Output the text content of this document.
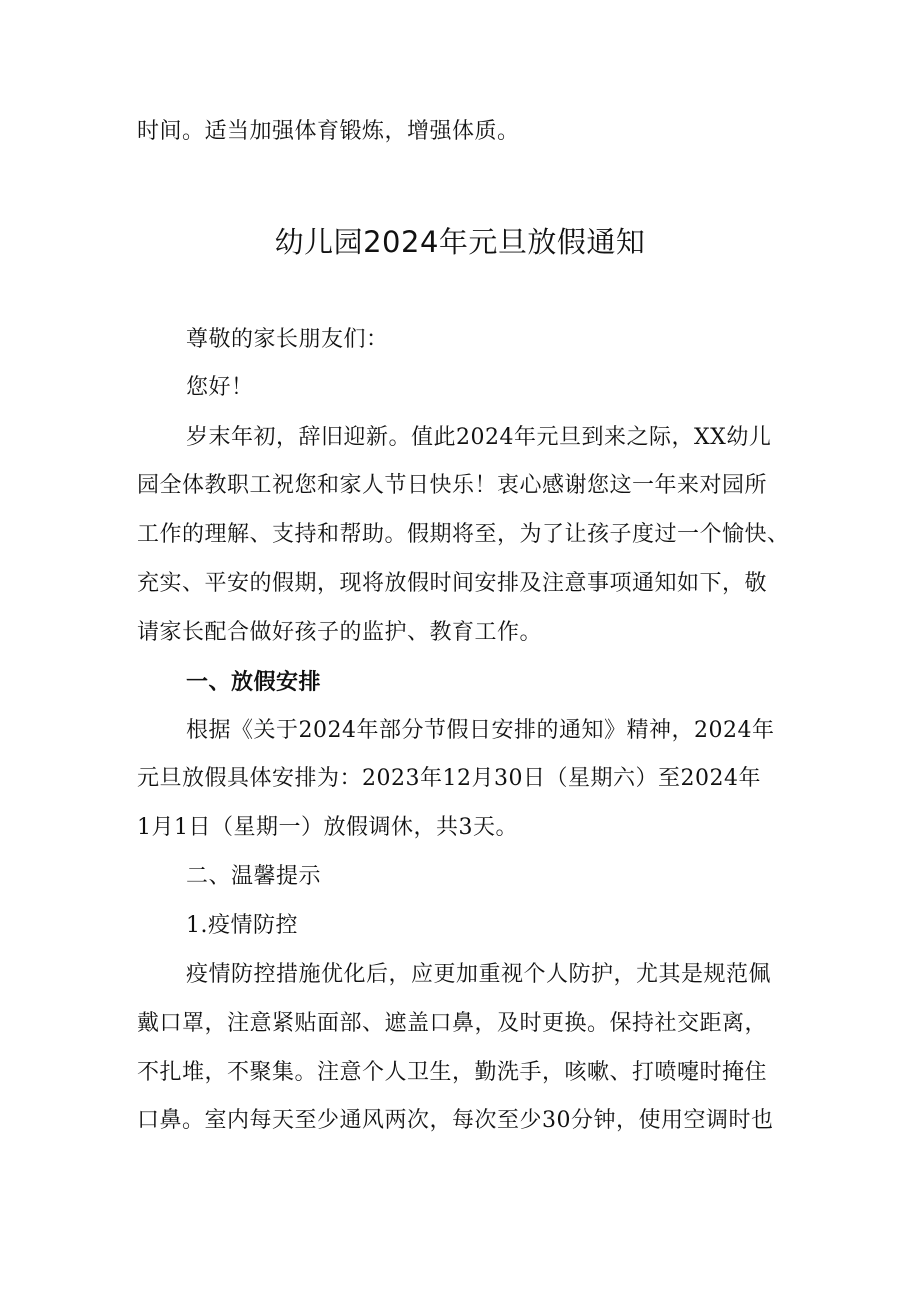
时间。适当加强体育锻炼，增强体质。
幼儿园2024年元旦放假通知
尊敬的家长朋友们：
您好！
岁末年初，辞旧迎新。值此2024年元旦到来之际，XX幼儿
园全体教职工祝您和家人节日快乐！衷心感谢您这一年来对园所
工作的理解、支持和帮助。假期将至，为了让孩子度过一个愉快、
充实、平安的假期，现将放假时间安排及注意事项通知如下，敬
请家长配合做好孩子的监护、教育工作。
一、放假安排
根据《关于2024年部分节假日安排的通知》精神，2024年
元旦放假具体安排为：2023年12月30日（星期六）至2024年
1月1日（星期一）放假调休，共3天。
二、温馨提示
1.疫情防控
疫情防控措施优化后，应更加重视个人防护，尤其是规范佩
戴口罩，注意紧贴面部、遮盖口鼻，及时更换。保持社交距离，
不扎堆，不聚集。注意个人卫生，勤洗手，咳嗽、打喷嚏时掩住
口鼻。室内每天至少通风两次，每次至少30分钟，使用空调时也
